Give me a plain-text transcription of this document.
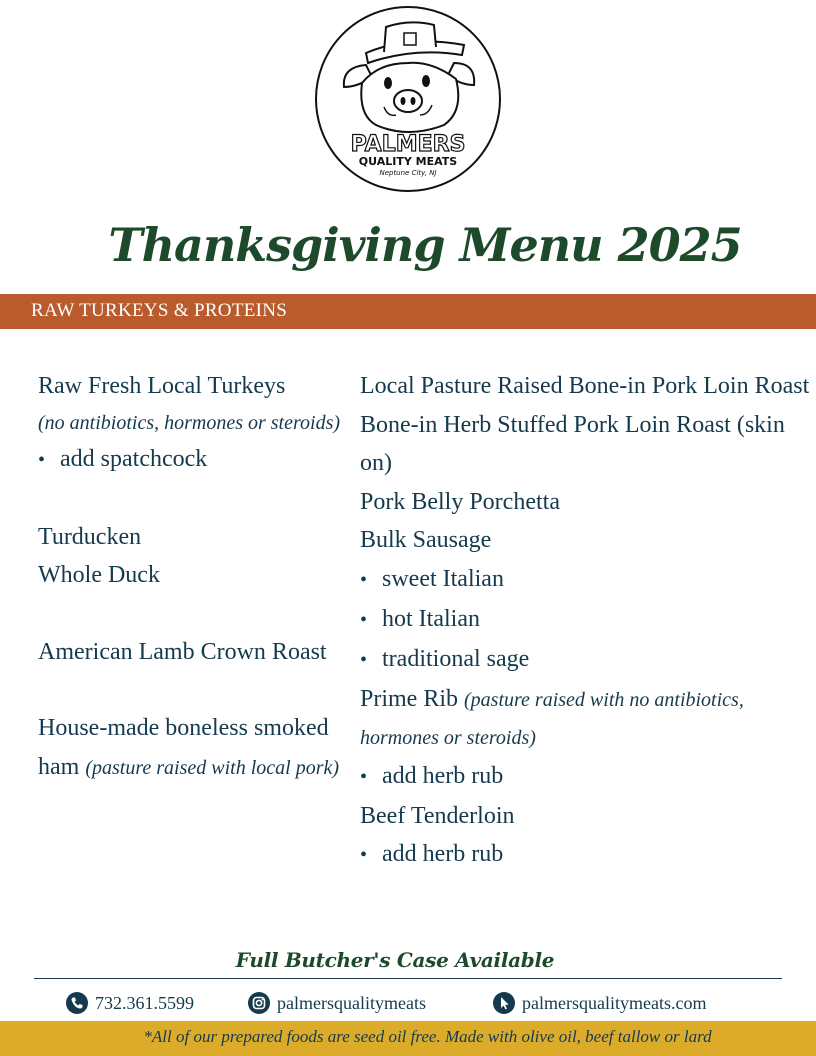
PALMERS
QUALITY MEATS
Neptune City, NJ
Thanksgiving Menu 2025
RAW TURKEYS & PROTEINS
Raw Fresh Local Turkeys
(no antibiotics, hormones or steroids)
• add spatchcock
Turducken
Whole Duck
American Lamb Crown Roast
House-made boneless smoked ham (pasture raised with local pork)
Local Pasture Raised Bone-in Pork Loin Roast
Bone-in Herb Stuffed Pork Loin Roast (skin on)
Pork Belly Porchetta
Bulk Sausage
• sweet Italian
• hot Italian
• traditional sage
Prime Rib (pasture raised with no antibiotics, hormones or steroids)
• add herb rub
Beef Tenderloin
• add herb rub
Full Butcher's Case Available
732.361.5599	palmersqualitymeats	palmersqualitymeats.com
*All of our prepared foods are seed oil free. Made with olive oil, beef tallow or lard
